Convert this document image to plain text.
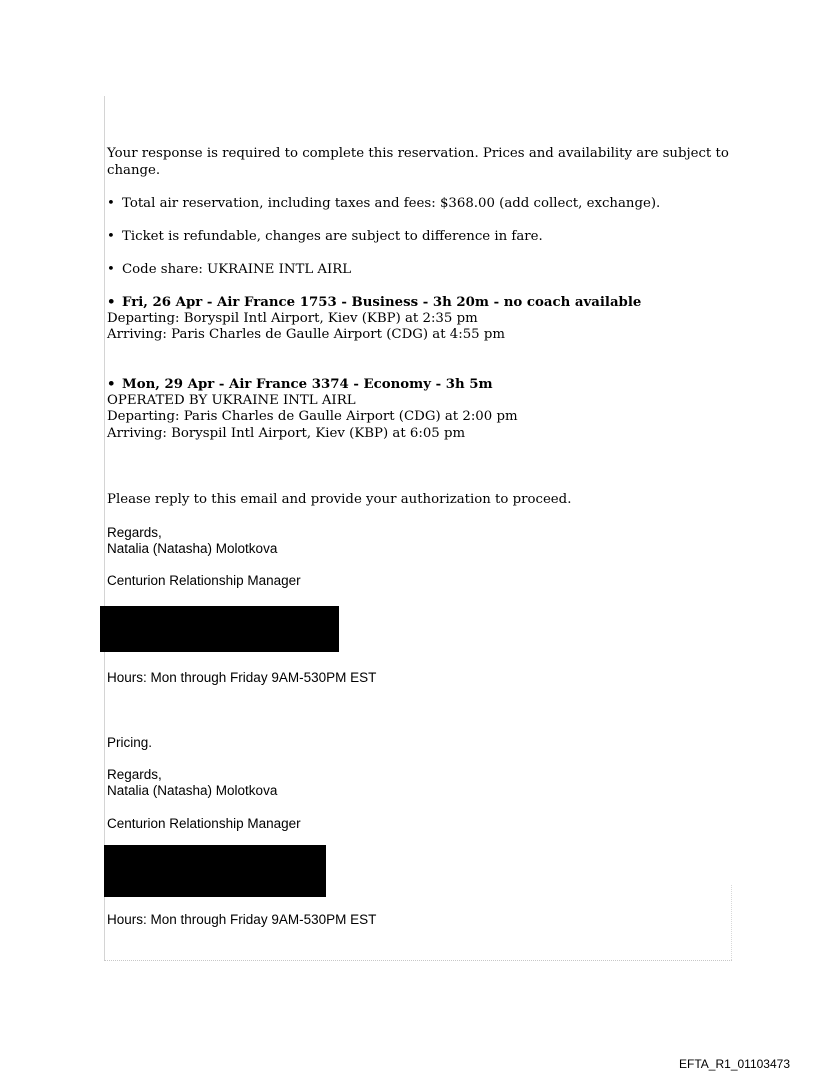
Your response is required to complete this reservation. Prices and availability are subject to change.
• Total air reservation, including taxes and fees: $368.00 (add collect, exchange).
• Ticket is refundable, changes are subject to difference in fare.
• Code share: UKRAINE INTL AIRL
• Fri, 26 Apr - Air France 1753 - Business - 3h 20m - no coach available
Departing: Boryspil Intl Airport, Kiev (KBP) at 2:35 pm
Arriving: Paris Charles de Gaulle Airport (CDG) at 4:55 pm
• Mon, 29 Apr - Air France 3374 - Economy - 3h 5m
OPERATED BY UKRAINE INTL AIRL
Departing: Paris Charles de Gaulle Airport (CDG) at 2:00 pm
Arriving: Boryspil Intl Airport, Kiev (KBP) at 6:05 pm
Please reply to this email and provide your authorization to proceed.
Regards,
Natalia (Natasha) Molotkova
Centurion Relationship Manager
Hours: Mon through Friday 9AM-530PM EST
Pricing.
Regards,
Natalia (Natasha) Molotkova
Centurion Relationship Manager
Hours: Mon through Friday 9AM-530PM EST
EFTA_R1_01103473
